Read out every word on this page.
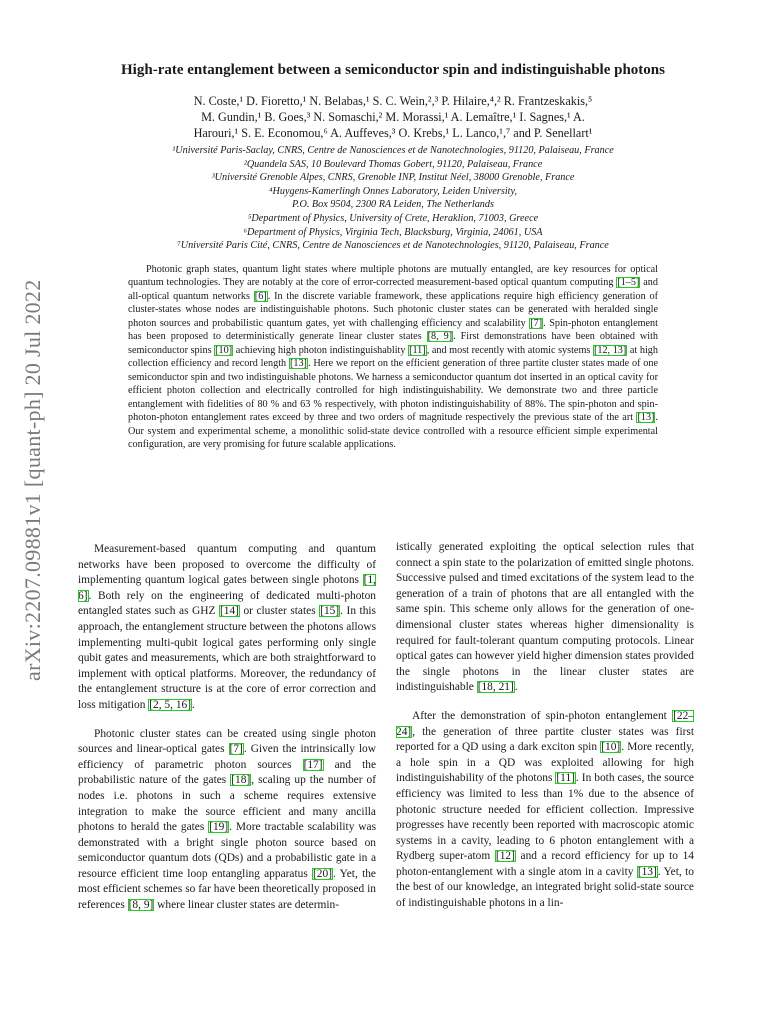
arXiv:2207.09881v1 [quant-ph] 20 Jul 2022
High-rate entanglement between a semiconductor spin and indistinguishable photons
N. Coste,¹ D. Fioretto,¹ N. Belabas,¹ S. C. Wein,²,³ P. Hilaire,⁴,² R. Frantzeskakis,⁵
M. Gundin,¹ B. Goes,³ N. Somaschi,² M. Morassi,¹ A. Lemaître,¹ I. Sagnes,¹ A.
Harouri,¹ S. E. Economou,⁶ A. Auffeves,³ O. Krebs,¹ L. Lanco,¹,⁷ and P. Senellart¹
¹Université Paris-Saclay, CNRS, Centre de Nanosciences et de Nanotechnologies, 91120, Palaiseau, France
²Quandela SAS, 10 Boulevard Thomas Gobert, 91120, Palaiseau, France
³Université Grenoble Alpes, CNRS, Grenoble INP, Institut Néel, 38000 Grenoble, France
⁴Huygens-Kamerlingh Onnes Laboratory, Leiden University,
P.O. Box 9504, 2300 RA Leiden, The Netherlands
⁵Department of Physics, University of Crete, Heraklion, 71003, Greece
⁶Department of Physics, Virginia Tech, Blacksburg, Virginia, 24061, USA
⁷Université Paris Cité, CNRS, Centre de Nanosciences et de Nanotechnologies, 91120, Palaiseau, France
Photonic graph states, quantum light states where multiple photons are mutually entangled, are key resources for optical quantum technologies. They are notably at the core of error-corrected measurement-based optical quantum computing [1–5] and all-optical quantum networks [6]. In the discrete variable framework, these applications require high efficiency generation of cluster-states whose nodes are indistinguishable photons. Such photonic cluster states can be generated with heralded single photon sources and probabilistic quantum gates, yet with challenging efficiency and scalability [7]. Spin-photon entanglement has been proposed to deterministically generate linear cluster states [8, 9]. First demonstrations have been obtained with semiconductor spins [10] achieving high photon indistinguishablity [11], and most recently with atomic systems [12, 13] at high collection efficiency and record length [13]. Here we report on the efficient generation of three partite cluster states made of one semiconductor spin and two indistinguishable photons. We harness a semiconductor quantum dot inserted in an optical cavity for efficient photon collection and electrically controlled for high indistinguishability. We demonstrate two and three particle entanglement with fidelities of 80 % and 63 % respectively, with photon indistinguishability of 88%. The spin-photon and spin-photon-photon entanglement rates exceed by three and two orders of magnitude respectively the previous state of the art [13]. Our system and experimental scheme, a monolithic solid-state device controlled with a resource efficient simple experimental configuration, are very promising for future scalable applications.

Measurement-based quantum computing and quantum networks have been proposed to overcome the difficulty of implementing quantum logical gates between single photons [1, 6]. Both rely on the engineering of dedicated multi-photon entangled states such as GHZ [14] or cluster states [15]. In this approach, the entanglement structure between the photons allows implementing multi-qubit logical gates performing only single qubit gates and measurements, which are both straightforward to implement with optical platforms. Moreover, the redundancy of the entanglement structure is at the core of error correction and loss mitigation [2, 5, 16].

Photonic cluster states can be created using single photon sources and linear-optical gates [7]. Given the intrinsically low efficiency of parametric photon sources [17] and the probabilistic nature of the gates [18], scaling up the number of nodes i.e. photons in such a scheme requires extensive integration to make the source efficient and many ancilla photons to herald the gates [19]. More tractable scalability was demonstrated with a bright single photon source based on semiconductor quantum dots (QDs) and a probabilistic gate in a resource efficient time loop entangling apparatus [20]. Yet, the most efficient schemes so far have been theoretically proposed in references [8, 9] where linear cluster states are determin-

istically generated exploiting the optical selection rules that connect a spin state to the polarization of emitted single photons. Successive pulsed and timed excitations of the system lead to the generation of a train of photons that are all entangled with the same spin. This scheme only allows for the generation of one-dimensional cluster states whereas higher dimensionality is required for fault-tolerant quantum computing protocols. Linear optical gates can however yield higher dimension states provided the single photons in the linear cluster states are indistinguishable [18, 21].

After the demonstration of spin-photon entanglement [22–24], the generation of three partite cluster states was first reported for a QD using a dark exciton spin [10]. More recently, a hole spin in a QD was exploited allowing for high indistinguishability of the photons [11]. In both cases, the source efficiency was limited to less than 1% due to the absence of photonic structure needed for efficient collection. Impressive progresses have recently been reported with macroscopic atomic systems in a cavity, leading to 6 photon entanglement with a Rydberg super-atom [12] and a record efficiency for up to 14 photon-entanglement with a single atom in a cavity [13]. Yet, to the best of our knowledge, an integrated bright solid-state source of indistinguishable photons in a lin-
